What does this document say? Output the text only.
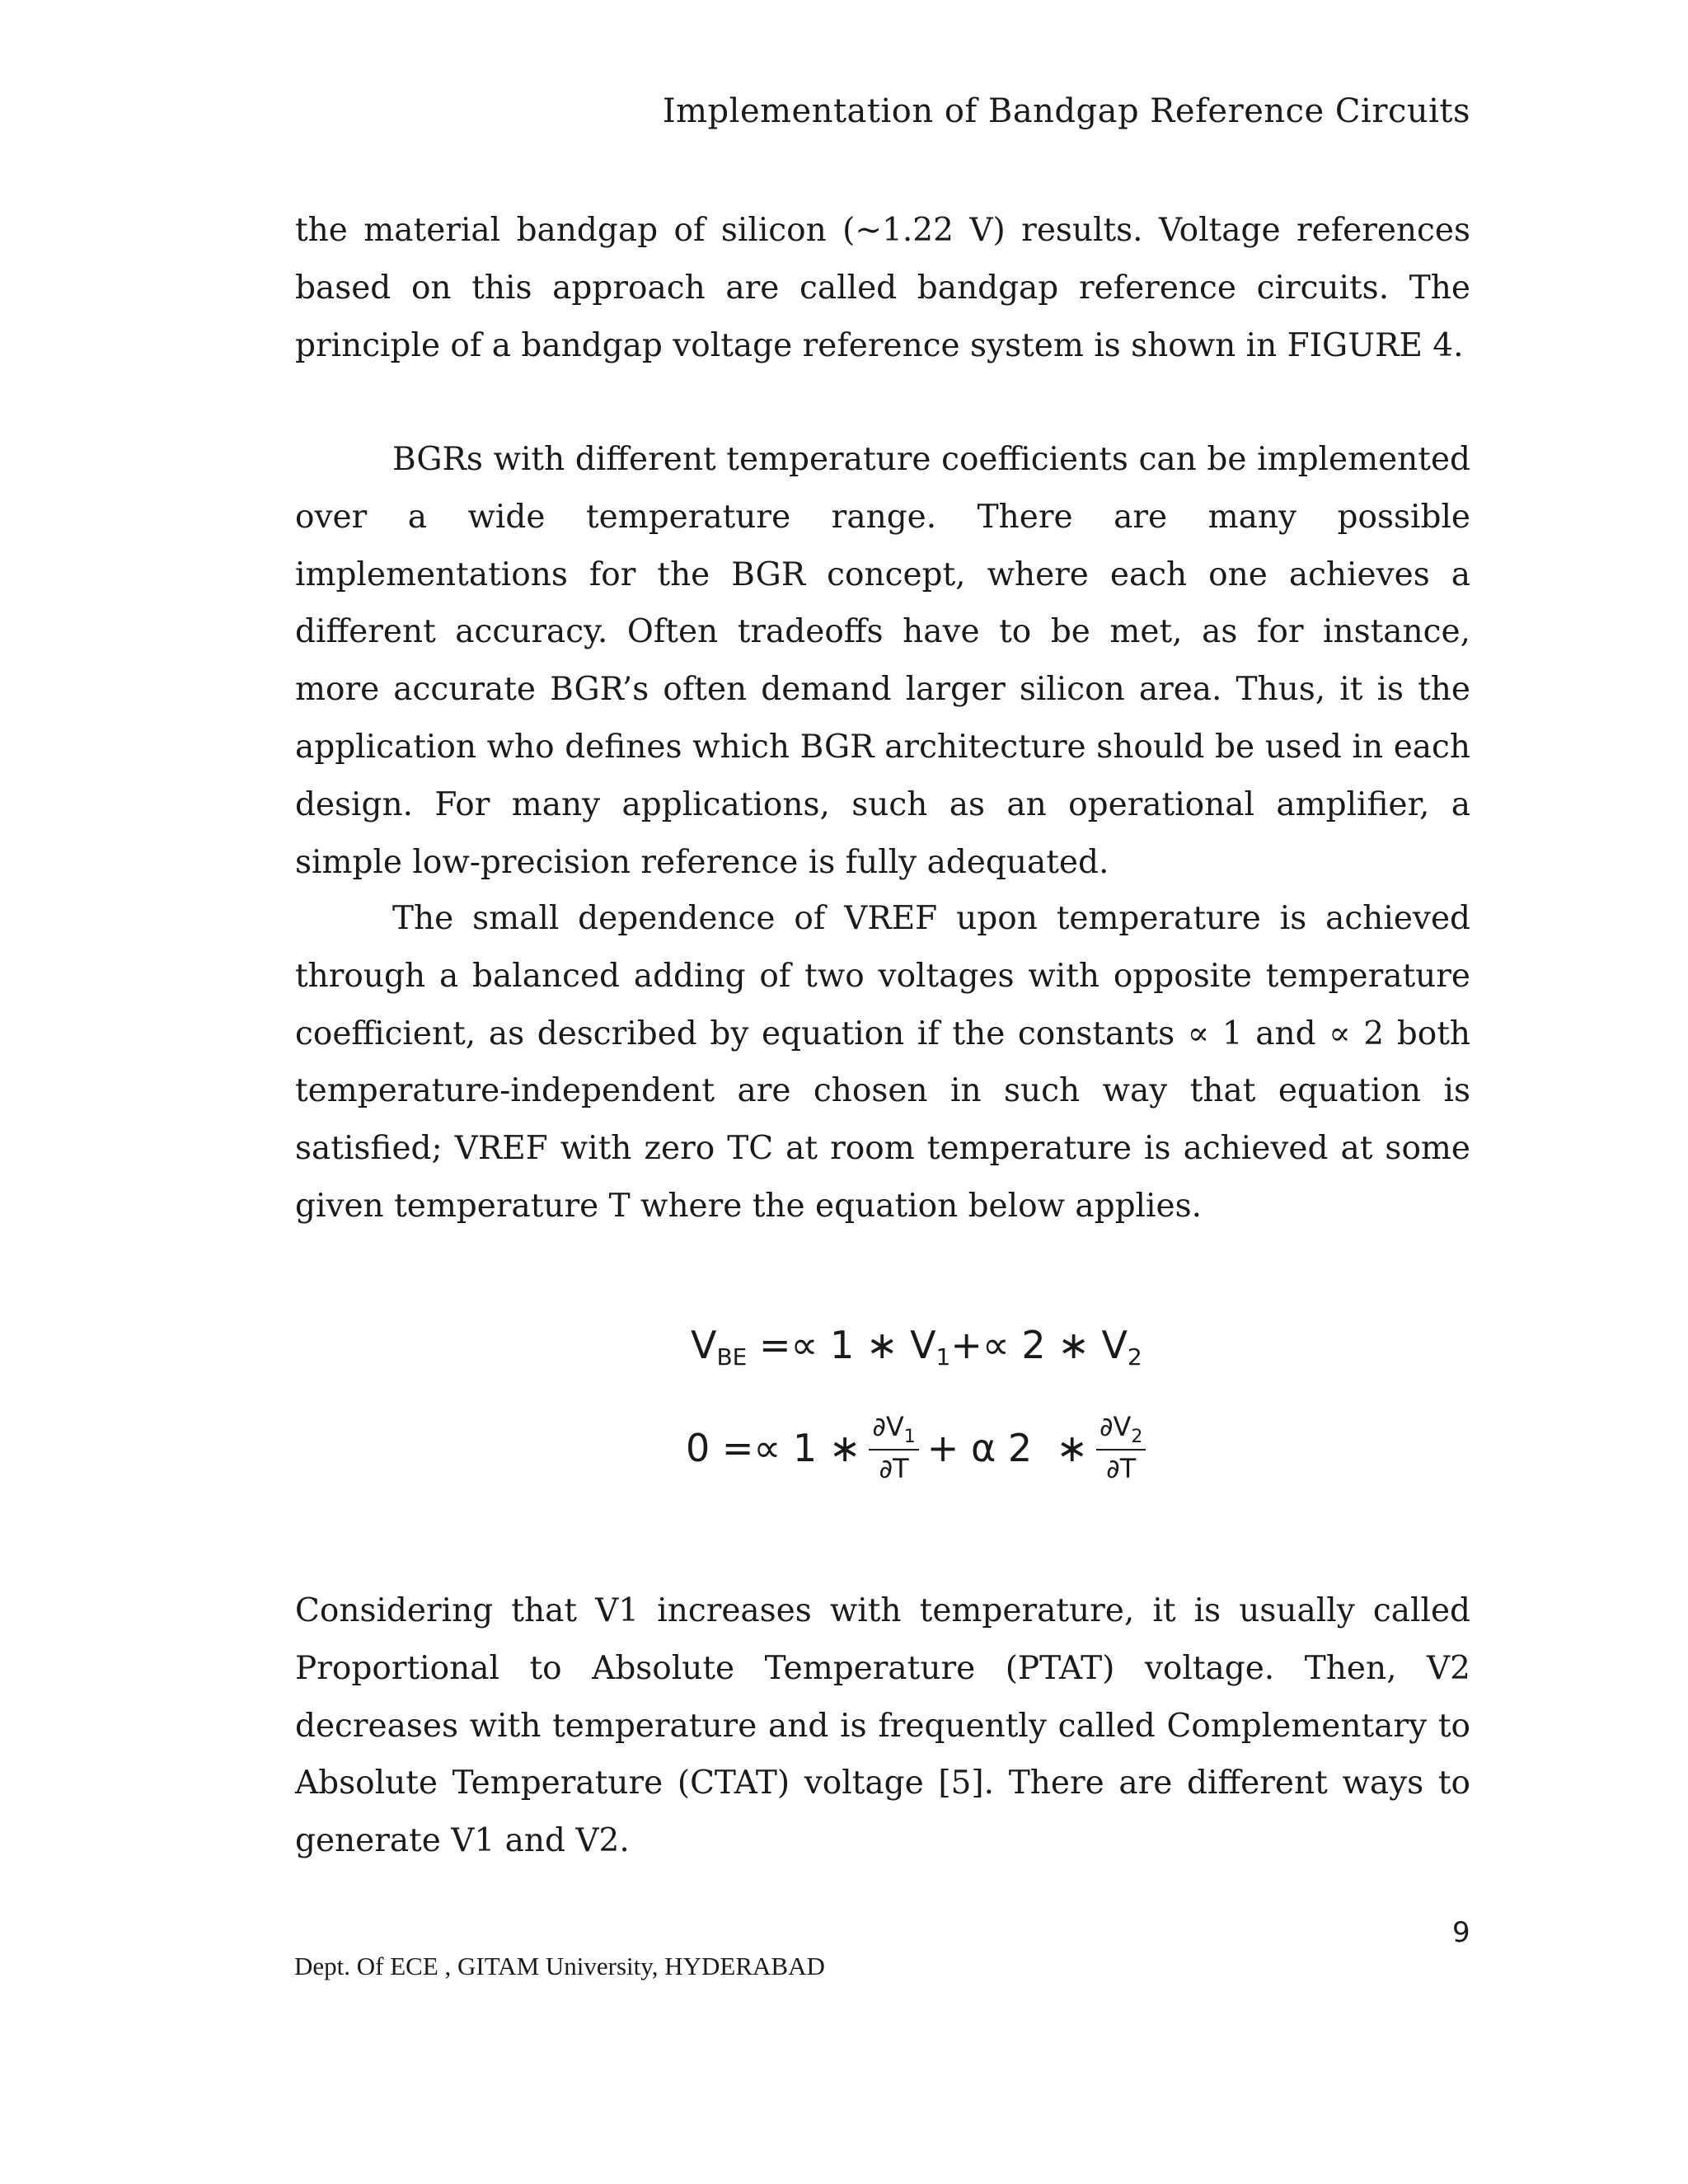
Implementation of Bandgap Reference Circuits

the material bandgap of silicon (~1.22 V) results. Voltage references based on this approach are called bandgap reference circuits. The principle of a bandgap voltage reference system is shown in FIGURE 4.

BGRs with different temperature coefficients can be implemented over a wide temperature range. There are many possible implementations for the BGR concept, where each one achieves a different accuracy. Often tradeoffs have to be met, as for instance, more accurate BGR’s often demand larger silicon area. Thus, it is the application who defines which BGR architecture should be used in each design. For many applications, such as an operational amplifier, a simple low-precision reference is fully adequated.

The small dependence of VREF upon temperature is achieved through a balanced adding of two voltages with opposite temperature coefficient, as described by equation if the constants ∝ 1 and ∝ 2 both temperature-independent are chosen in such way that equation is satisfied; VREF with zero TC at room temperature is achieved at some given temperature T where the equation below applies.

V BE =∝ 1 ∗ V 1 +∝ 2 ∗ V 2
0 =∝ 1 ∗ $\frac{\partial V_1}{\partial T} + \alpha$ 2  ∗ $\frac{\partial V_2}{\partial T}$

Considering that V1 increases with temperature, it is usually called Proportional to Absolute Temperature (PTAT) voltage. Then, V2 decreases with temperature and is frequently called Complementary to Absolute Temperature (CTAT) voltage [5]. There are different ways to generate V1 and V2.

9
Dept. Of ECE , GITAM University, HYDERABAD
